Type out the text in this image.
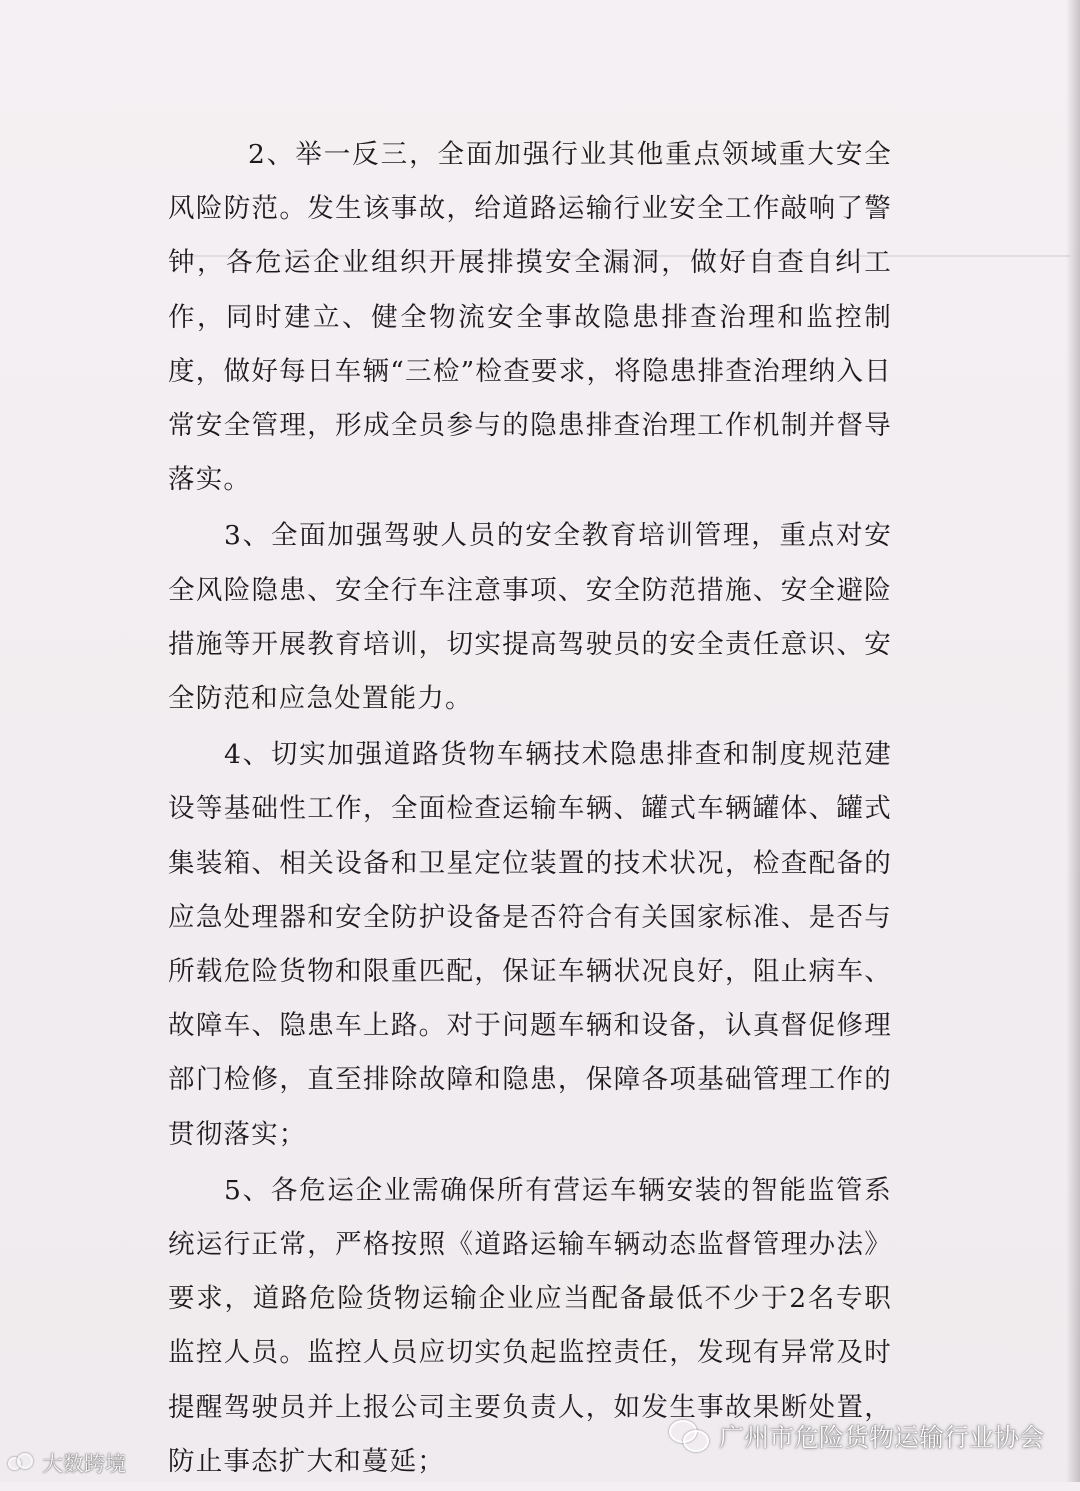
2、举一反三，全面加强行业其他重点领域重大安全风险防范。发生该事故，给道路运输行业安全工作敲响了警钟，各危运企业组织开展排摸安全漏洞，做好自查自纠工作，同时建立、健全物流安全事故隐患排查治理和监控制度，做好每日车辆“三检”检查要求，将隐患排查治理纳入日常安全管理，形成全员参与的隐患排查治理工作机制并督导落实。

3、全面加强驾驶人员的安全教育培训管理，重点对安全风险隐患、安全行车注意事项、安全防范措施、安全避险措施等开展教育培训，切实提高驾驶员的安全责任意识、安全防范和应急处置能力。

4、切实加强道路货物车辆技术隐患排查和制度规范建设等基础性工作，全面检查运输车辆、罐式车辆罐体、罐式集装箱、相关设备和卫星定位装置的技术状况，检查配备的应急处理器和安全防护设备是否符合有关国家标准、是否与所载危险货物和限重匹配，保证车辆状况良好，阻止病车、故障车、隐患车上路。对于问题车辆和设备，认真督促修理部门检修，直至排除故障和隐患，保障各项基础管理工作的贯彻落实；

5、各危运企业需确保所有营运车辆安装的智能监管系统运行正常，严格按照《道路运输车辆动态监督管理办法》要求，道路危险货物运输企业应当配备最低不少于2名专职监控人员。监控人员应切实负起监控责任，发现有异常及时提醒驾驶员并上报公司主要负责人，如发生事故果断处置，防止事态扩大和蔓延；

大数跨境
广州市危险货物运输行业协会
